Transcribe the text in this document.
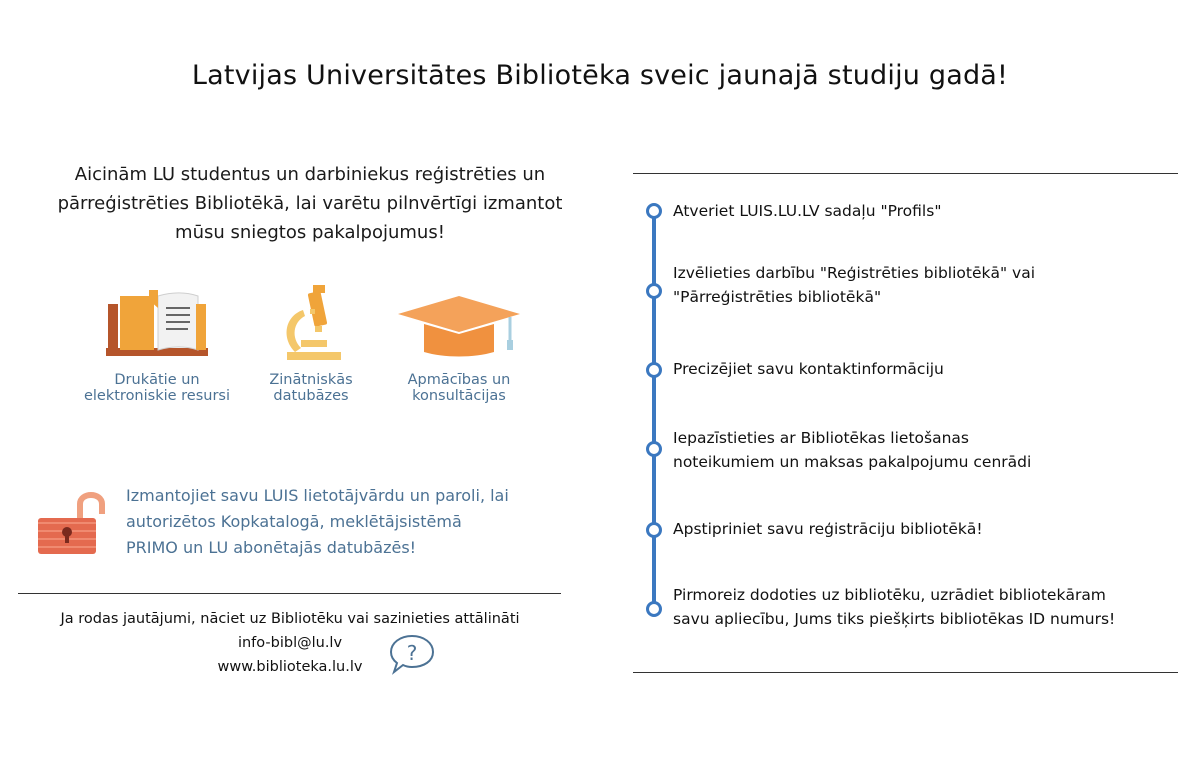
Latvijas Universitātes Bibliotēka sveic jaunajā studiju gadā!
Aicinām LU studentus un darbiniekus reģistrēties un
pārreģistrēties Bibliotēkā, lai varētu pilnvērtīgi izmantot
mūsu sniegtos pakalpojumus!
Drukātie un
elektroniskie resursi
Zinātniskās
datubāzes
Apmācības un
konsultācijas
Izmantojiet savu LUIS lietotājvārdu un paroli, lai
autorizētos Kopkatalogā, meklētājsistēmā
PRIMO un LU abonētajās datubāzēs!
Ja rodas jautājumi, nāciet uz Bibliotēku vai sazinieties attālināti
info-bibl@lu.lv
www.biblioteka.lu.lv
?
Atveriet LUIS.LU.LV sadaļu "Profils"
Izvēlieties darbību "Reģistrēties bibliotēkā" vai
"Pārreģistrēties bibliotēkā"
Precizējiet savu kontaktinformāciju
Iepazīstieties ar Bibliotēkas lietošanas
noteikumiem un maksas pakalpojumu cenrādi
Apstipriniet savu reģistrāciju bibliotēkā!
Pirmoreiz dodoties uz bibliotēku, uzrādiet bibliotekāram
savu apliecību, Jums tiks piešķirts bibliotēkas ID numurs!
